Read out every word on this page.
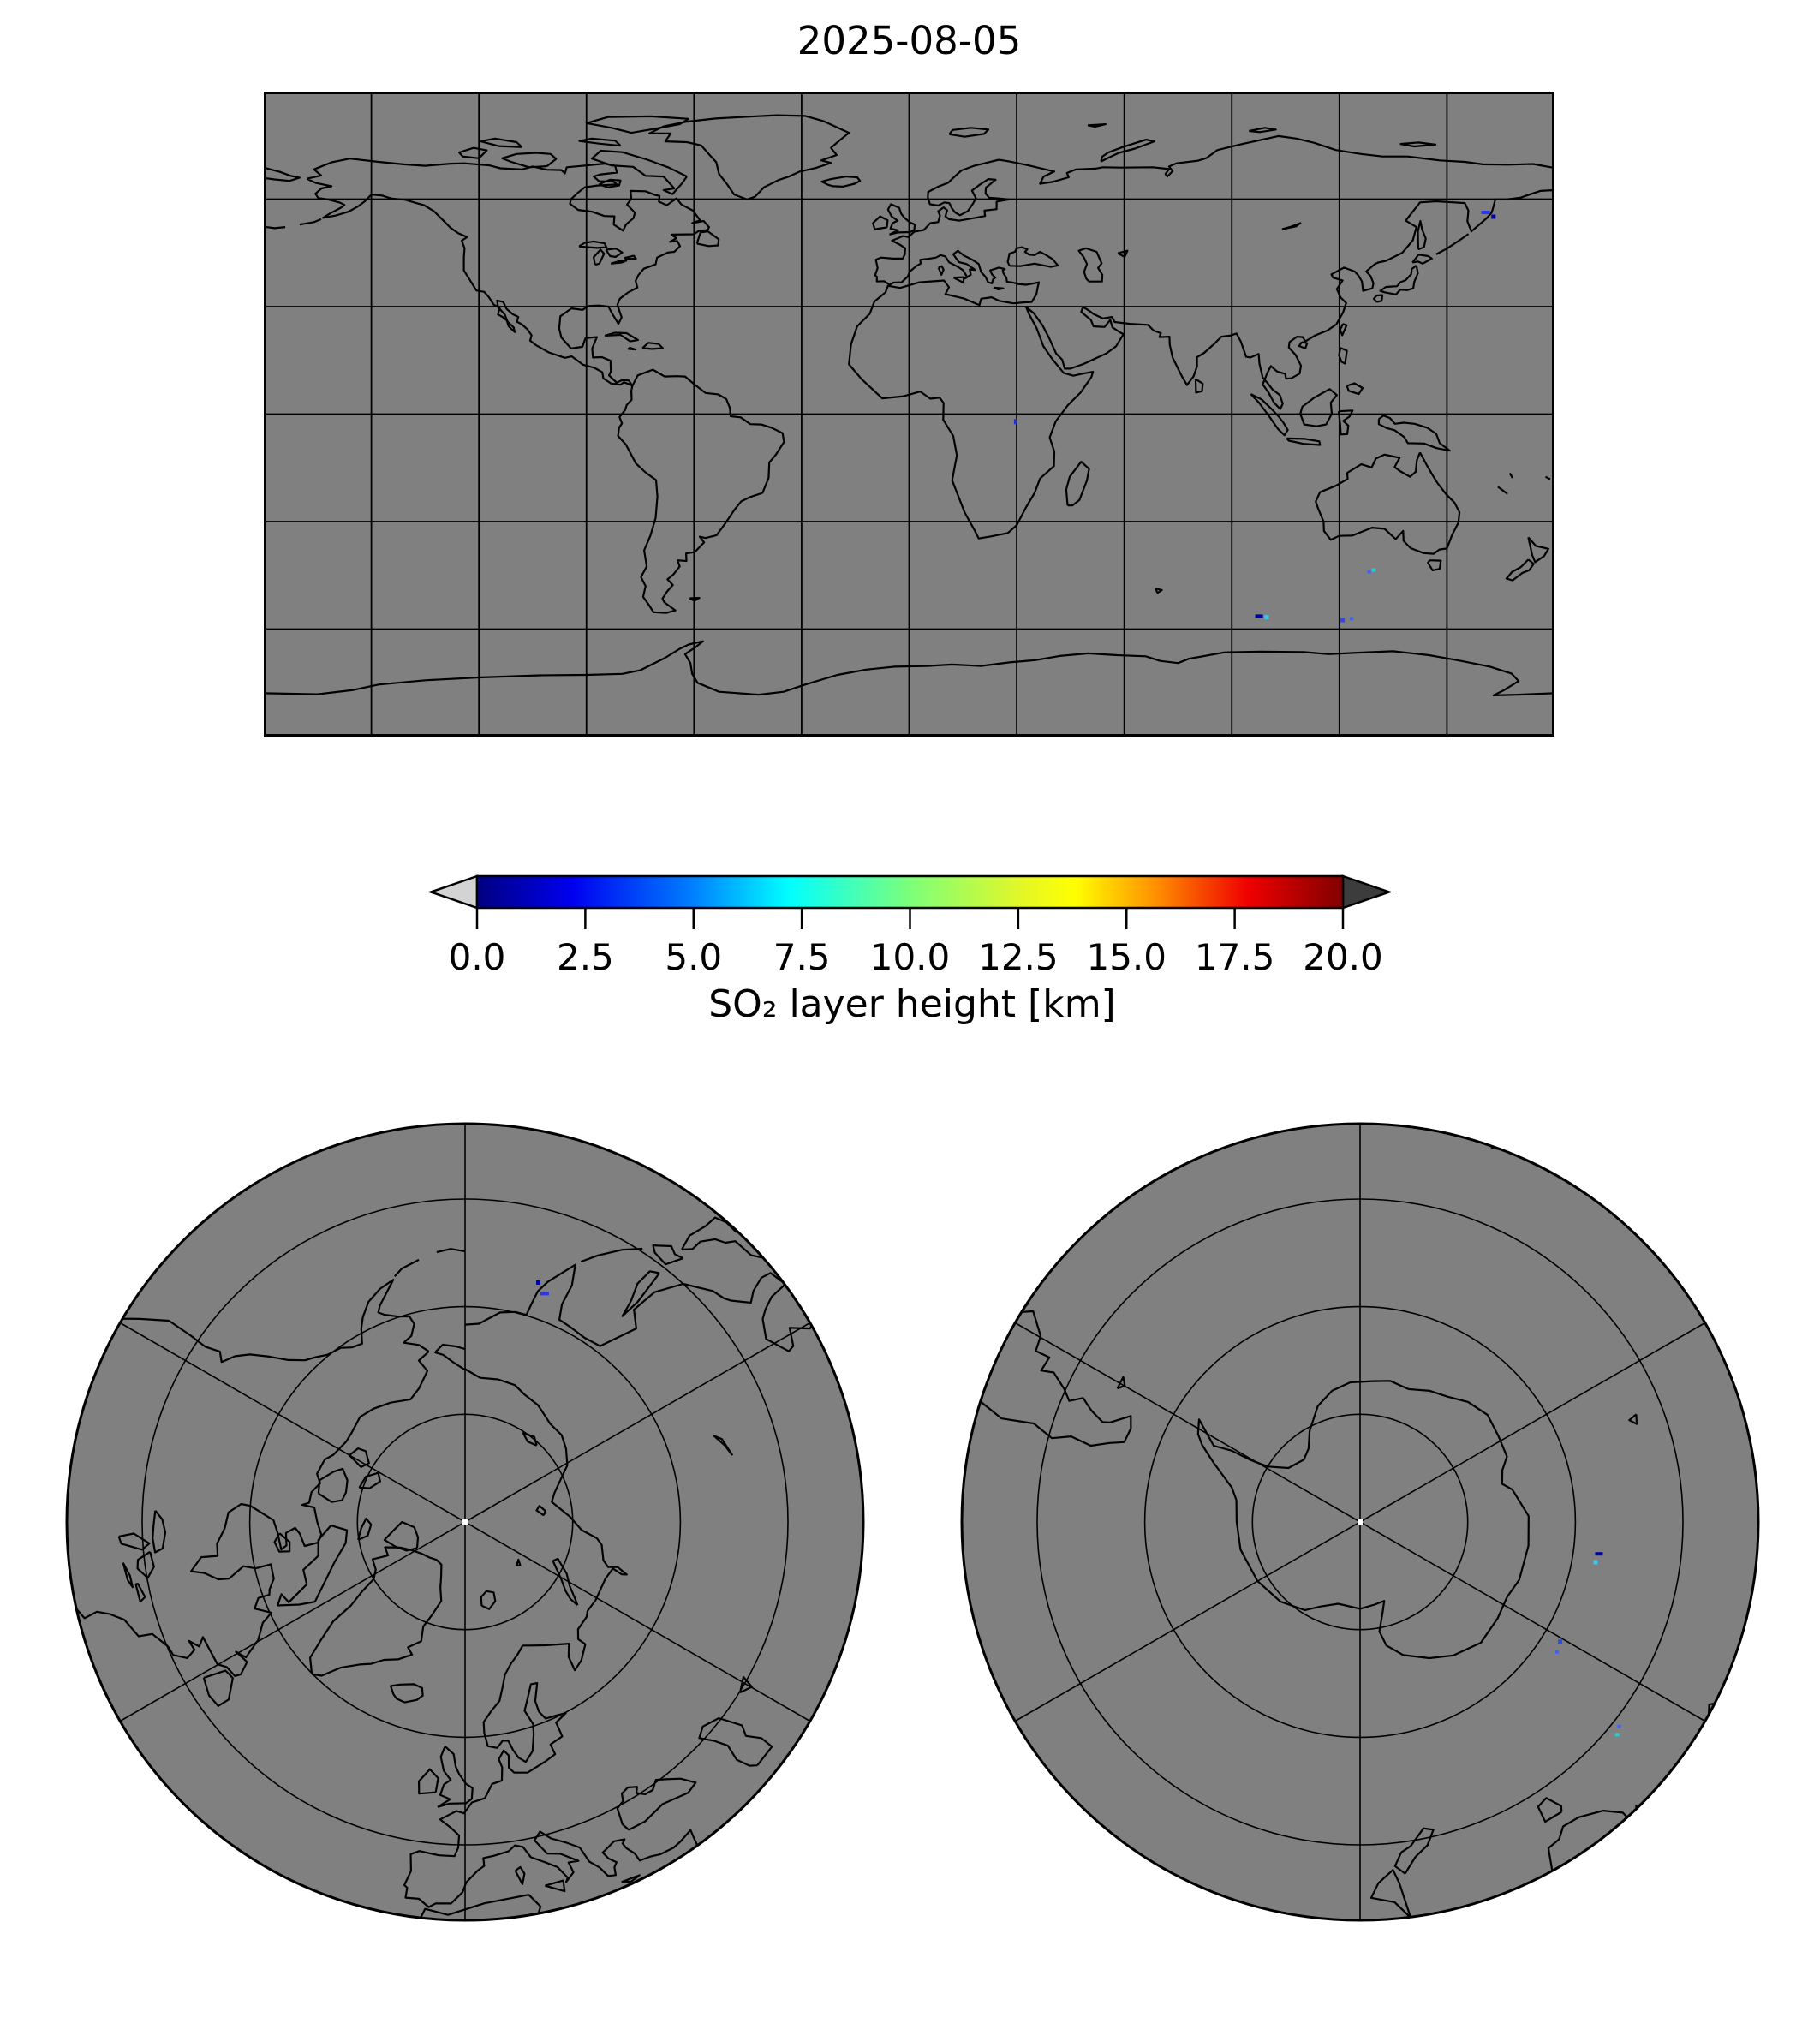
2025-08-05
0.0 2.5 5.0 7.5 10.0 12.5 15.0 17.5 20.0
SO₂ layer height [km]
